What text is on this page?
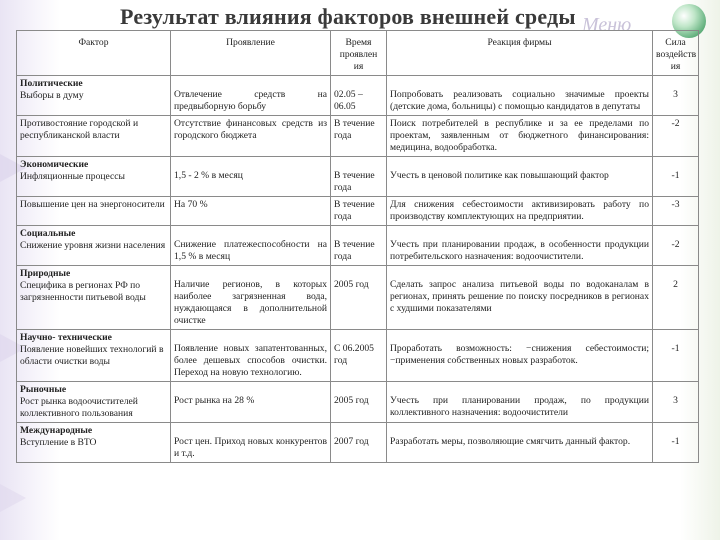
Результат влияния факторов внешней среды Меню
Фактор	Проявление	Время проявлен ия	Реакция фирмы	Сила воздейств ия

Политические
Выборы в думу	Отвлечение средств на предвыборную борьбу	02.05 – 06.05	Попробовать реализовать социально значимые проекты (детские дома, больницы) с помощью кандидатов в депутаты	3
Противостояние городской и республиканской власти	Отсутствие финансовых средств из городского бюджета	В течение года	Поиск потребителей в республике и за ее пределами по проектам, заявленным от бюджетного финансирования: медицина, водообработка.	-2

Экономические
Инфляционные процессы	1,5 - 2 % в месяц	В течение года	Учесть в ценовой политике как повышающий фактор	-1
Повышение цен на энергоносители	На 70 %	В течение года	Для снижения себестоимости активизировать работу по производству комплектующих на предприятии.	-3

Социальные
Снижение уровня жизни населения	Снижение платежеспособности на 1,5 % в месяц	В течение года	Учесть при планировании продаж, в особенности продукции потребительского назначения: водоочистители.	-2

Природные
Специфика в регионах РФ по загрязненности питьевой воды	Наличие регионов, в которых наиболее загрязненная вода, нуждающаяся в дополнительной очистке	2005 год	Сделать запрос анализа питьевой воды по водоканалам в регионах, принять решение по поиску посредников в регионах с худшими показателями	2

Научно- технические
Появление новейших технологий в области очистки воды	Появление новых запатентованных, более дешевых способов очистки. Переход на новую технологию.	С 06.2005 год	Проработать возможность: −снижения себестоимости; −применения собственных новых разработок.	-1

Рыночные
Рост рынка водоочистителей коллективного пользования	Рост рынка на 28 %	2005 год	Учесть при планировании продаж, по продукции коллективного назначения: водоочистители	3

Международные
Вступление в ВТО	Рост цен. Приход новых конкурентов и т.д.	2007 год	Разработать меры, позволяющие смягчить данный фактор.	-1
